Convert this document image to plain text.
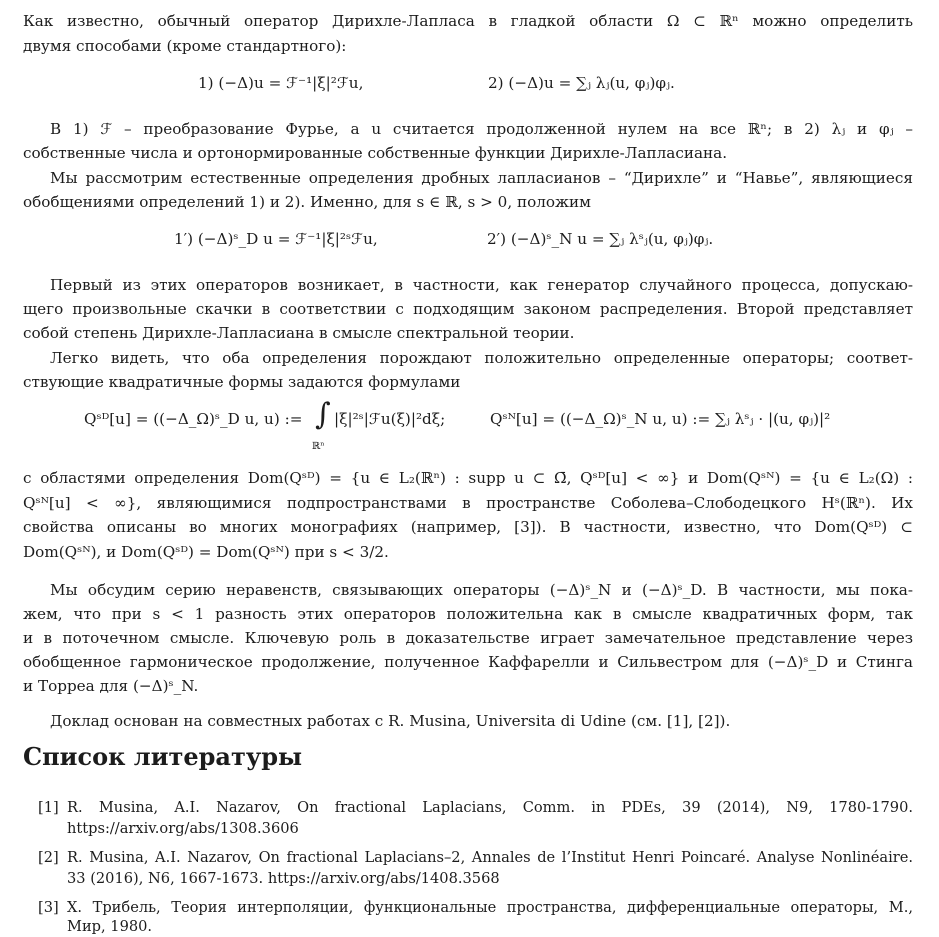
Как известно, обычный оператор Дирихле-Лапласа в гладкой области Ω ⊂ ℝⁿ можно определить
двумя способами (кроме стандартного):
1) (−Δ)u = ℱ⁻¹|ξ|²ℱu,	2) (−Δ)u = ∑ⱼ λⱼ(u, φⱼ)φⱼ.
В 1) ℱ – преобразование Фурье, а u считается продолженной нулем на все ℝⁿ; в 2) λⱼ и φⱼ –
собственные числа и ортонормированные собственные функции Дирихле-Лапласиана.
Мы рассмотрим естественные определения дробных лапласианов – “Дирихле” и “Навье”, являющиеся
обобщениями определений 1) и 2). Именно, для s ∈ ℝ, s > 0, положим
1′) (−Δ)ˢ_D u = ℱ⁻¹|ξ|²ˢℱu,	2′) (−Δ)ˢ_N u = ∑ⱼ λˢⱼ(u, φⱼ)φⱼ.
Первый из этих операторов возникает, в частности, как генератор случайного процесса, допускаю-
щего произвольные скачки в соответствии с подходящим законом распределения. Второй представляет
собой степень Дирихле-Лапласиана в смысле спектральной теории.
Легко видеть, что оба определения порождают положительно определенные операторы; соответ-
ствующие квадратичные формы задаются формулами
Qˢᴰ[u] = ((−Δ_Ω)ˢ_D u, u) := ∫
ℝⁿ
|ξ|²ˢ|ℱu(ξ)|²dξ;	Qˢᴺ[u] = ((−Δ_Ω)ˢ_N u, u) := ∑ⱼ λˢⱼ · |(u, φⱼ)|²
с областями определения Dom(Qˢᴰ) = {u ∈ L₂(ℝⁿ) : supp u ⊂ Ω̄, Qˢᴰ[u] < ∞} и Dom(Qˢᴺ) = {u ∈ L₂(Ω) :
Qˢᴺ[u] < ∞}, являющимися подпространствами в пространстве Соболева–Слободецкого Hˢ(ℝⁿ). Их
свойства описаны во многих монографиях (например, [3]). В частности, известно, что Dom(Qˢᴰ) ⊂
Dom(Qˢᴺ), и Dom(Qˢᴰ) = Dom(Qˢᴺ) при s < 3/2.
Мы обсудим серию неравенств, связывающих операторы (−Δ)ˢ_N и (−Δ)ˢ_D. В частности, мы пока-
жем, что при s < 1 разность этих операторов положительна как в смысле квадратичных форм, так
и в поточечном смысле. Ключевую роль в доказательстве играет замечательное представление через
обобщенное гармоническое продолжение, полученное Каффарелли и Сильвестром для (−Δ)ˢ_D и Стинга
и Торреа для (−Δ)ˢ_N.
Доклад основан на совместных работах с R. Musina, Universita di Udine (см. [1], [2]).
Список литературы
[1] R. Musina, A.I. Nazarov, On fractional Laplacians, Comm. in PDEs, 39 (2014), N9, 1780-1790.
https://arxiv.org/abs/1308.3606
[2] R. Musina, A.I. Nazarov, On fractional Laplacians–2, Annales de l’Institut Henri Poincaré. Analyse Nonlinéaire.
33 (2016), N6, 1667-1673. https://arxiv.org/abs/1408.3568
[3] Х. Трибель, Теория интерполяции, функциональные пространства, дифференциальные операторы, М.,
Мир, 1980.
